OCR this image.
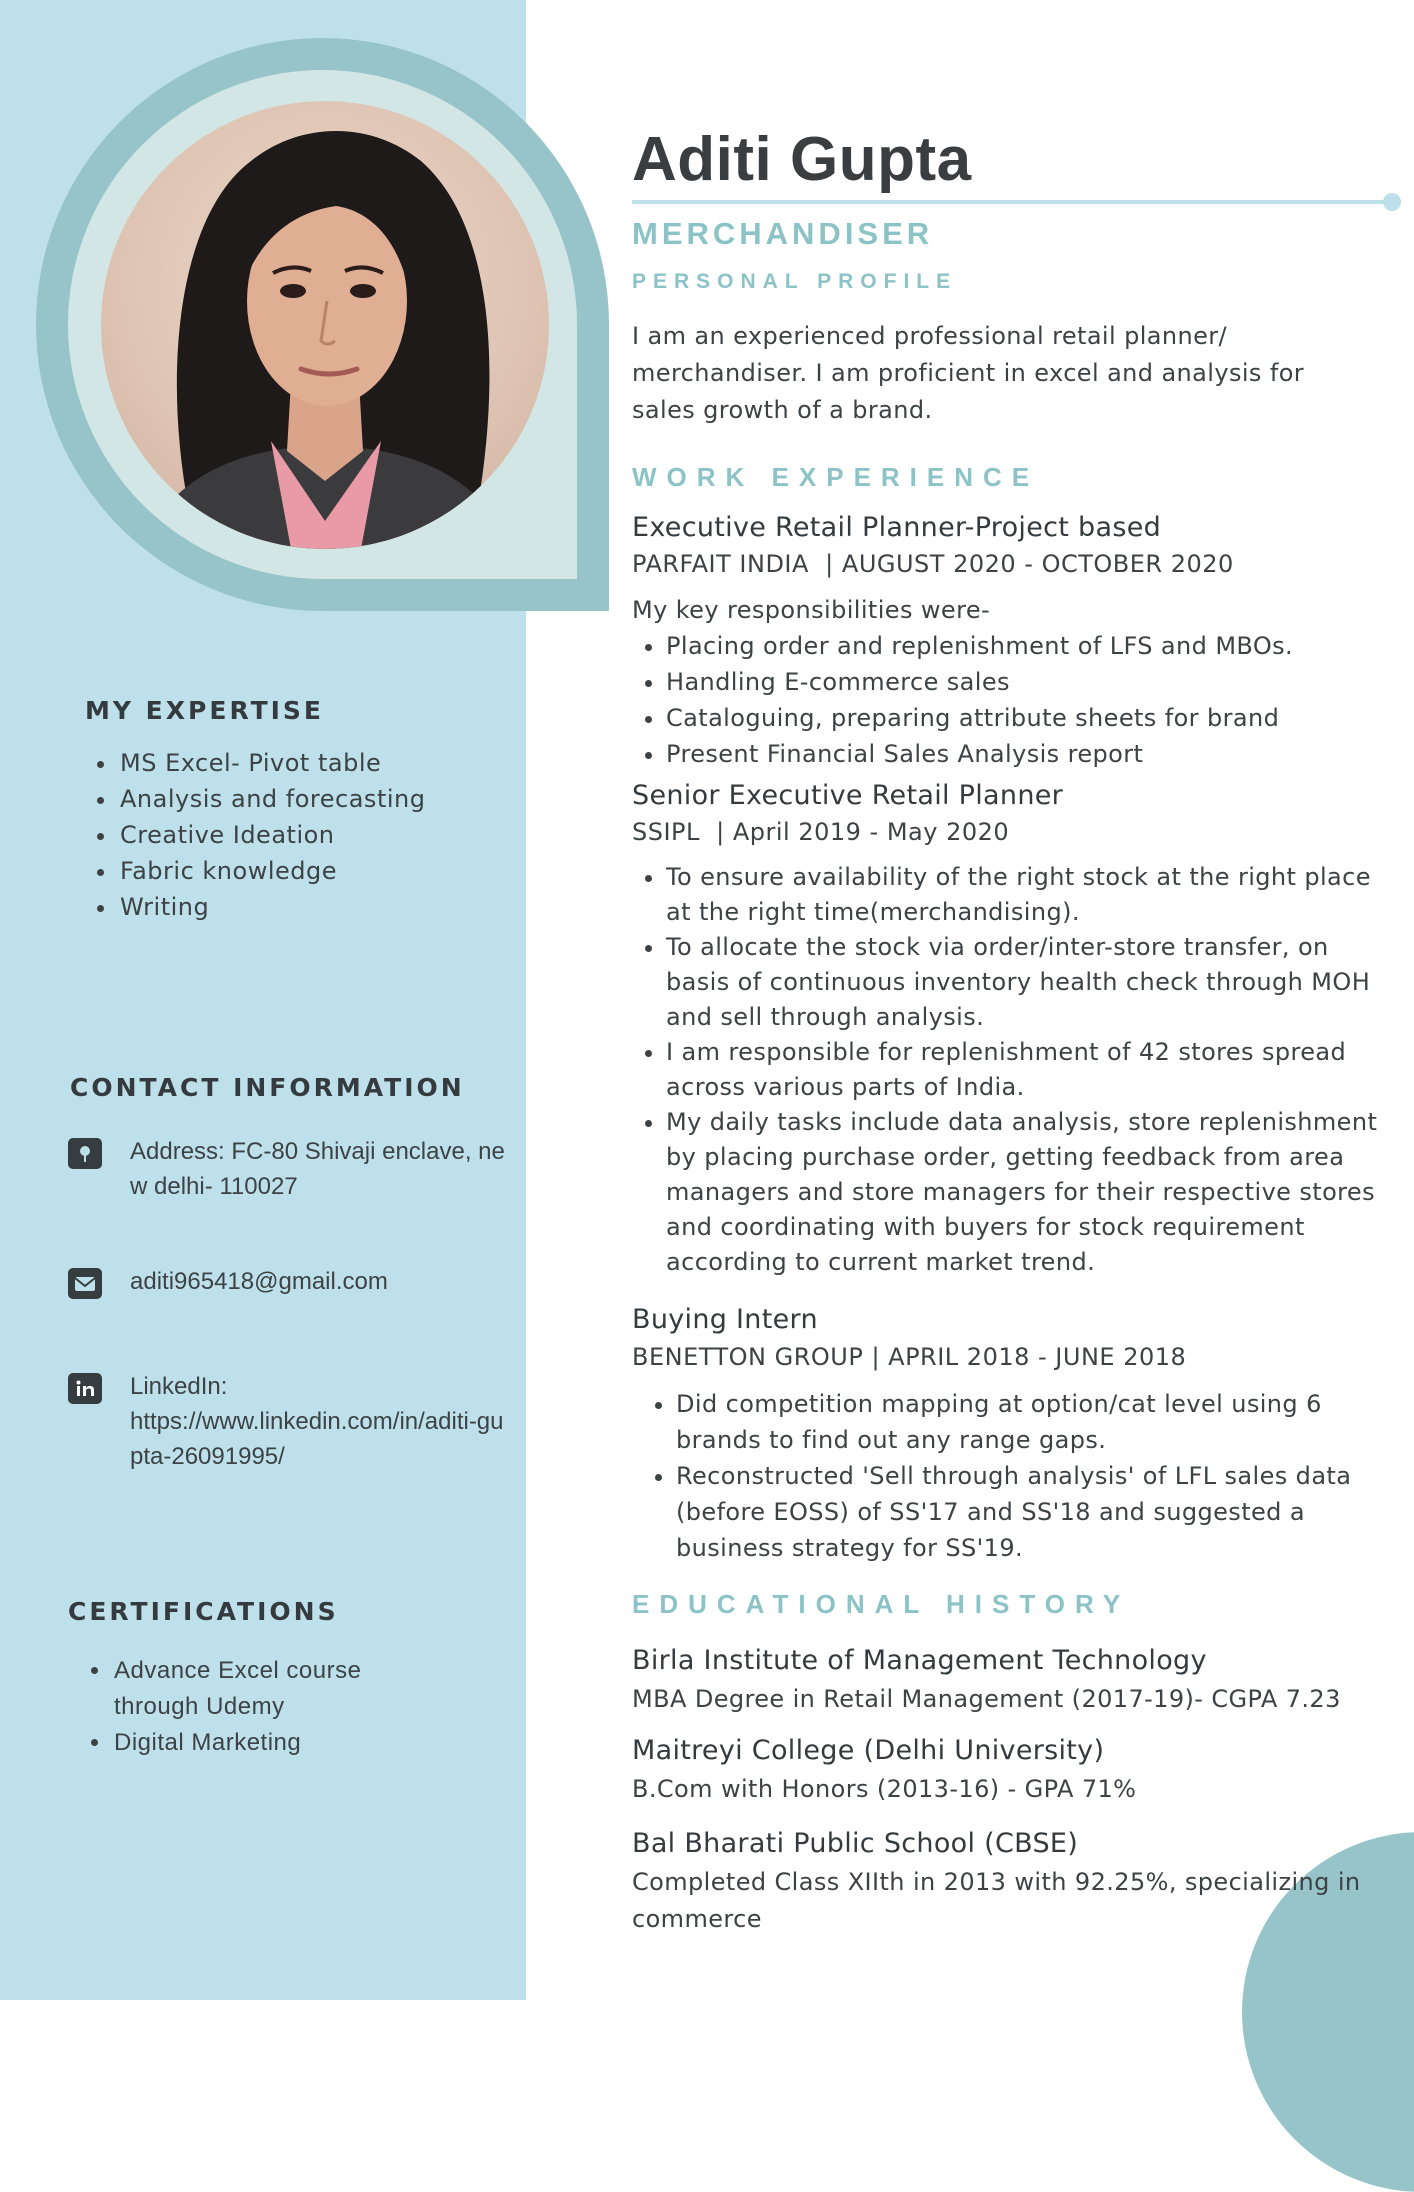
MY EXPERTISE
• MS Excel- Pivot table
• Analysis and forecasting
• Creative Ideation
• Fabric knowledge
• Writing
CONTACT INFORMATION
Address: FC-80 Shivaji enclave, new delhi- 110027
aditi965418@gmail.com
LinkedIn:
https://www.linkedin.com/in/aditi-gupta-26091995/
CERTIFICATIONS
• Advance Excel course through Udemy
• Digital Marketing
Aditi Gupta
MERCHANDISER
PERSONAL PROFILE

I am an experienced professional retail planner/ merchandiser. I am proficient in excel and analysis for sales growth of a brand.

WORK EXPERIENCE
Executive Retail Planner-Project based

PARFAIT INDIA  | AUGUST 2020 - OCTOBER 2020

My key responsibilities were-

• Placing order and replenishment of LFS and MBOs.
• Handling E-commerce sales
• Cataloguing, preparing attribute sheets for brand
• Present Financial Sales Analysis report
Senior Executive Retail Planner

SSIPL  | April 2019 - May 2020

• To ensure availability of the right stock at the right place at the right time(merchandising).
• To allocate the stock via order/inter-store transfer, on basis of continuous inventory health check through MOH and sell through analysis.
• I am responsible for replenishment of 42 stores spread across various parts of India.
• My daily tasks include data analysis, store replenishment by placing purchase order, getting feedback from area managers and store managers for their respective stores and coordinating with buyers for stock requirement according to current market trend.
Buying Intern

BENETTON GROUP | APRIL 2018 - JUNE 2018

• Did competition mapping at option/cat level using 6 brands to find out any range gaps.
• Reconstructed 'Sell through analysis' of LFL sales data (before EOSS) of SS'17 and SS'18 and suggested a business strategy for SS'19.
EDUCATIONAL HISTORY
Birla Institute of Management Technology

MBA Degree in Retail Management (2017-19)- CGPA 7.23

Maitreyi College (Delhi University)

B.Com with Honors (2013-16) - GPA 71%

Bal Bharati Public School (CBSE)

Completed Class XIIth in 2013 with 92.25%, specializing in commerce
